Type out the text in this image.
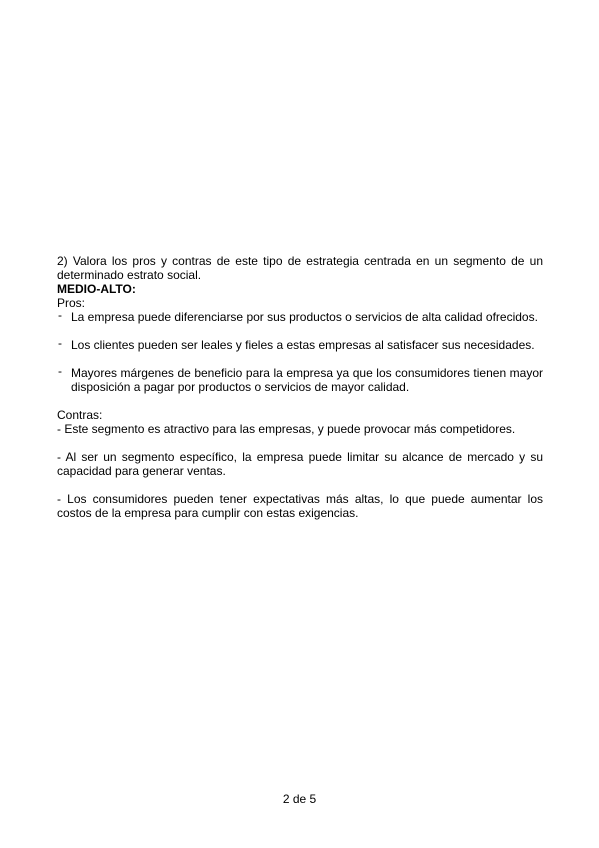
2) Valora los pros y contras de este tipo de estrategia centrada en un segmento de un determinado estrato social.

MEDIO-ALTO:

Pros:

- La empresa puede diferenciarse por sus productos o servicios de alta calidad ofrecidos.
- Los clientes pueden ser leales y fieles a estas empresas al satisfacer sus necesidades.
- Mayores márgenes de beneficio para la empresa ya que los consumidores tienen mayor disposición a pagar por productos o servicios de mayor calidad.

Contras:

- Este segmento es atractivo para las empresas, y puede provocar más competidores.

- Al ser un segmento específico, la empresa puede limitar su alcance de mercado y su capacidad para generar ventas.

- Los consumidores pueden tener expectativas más altas, lo que puede aumentar los costos de la empresa para cumplir con estas exigencias.

2 de 5
